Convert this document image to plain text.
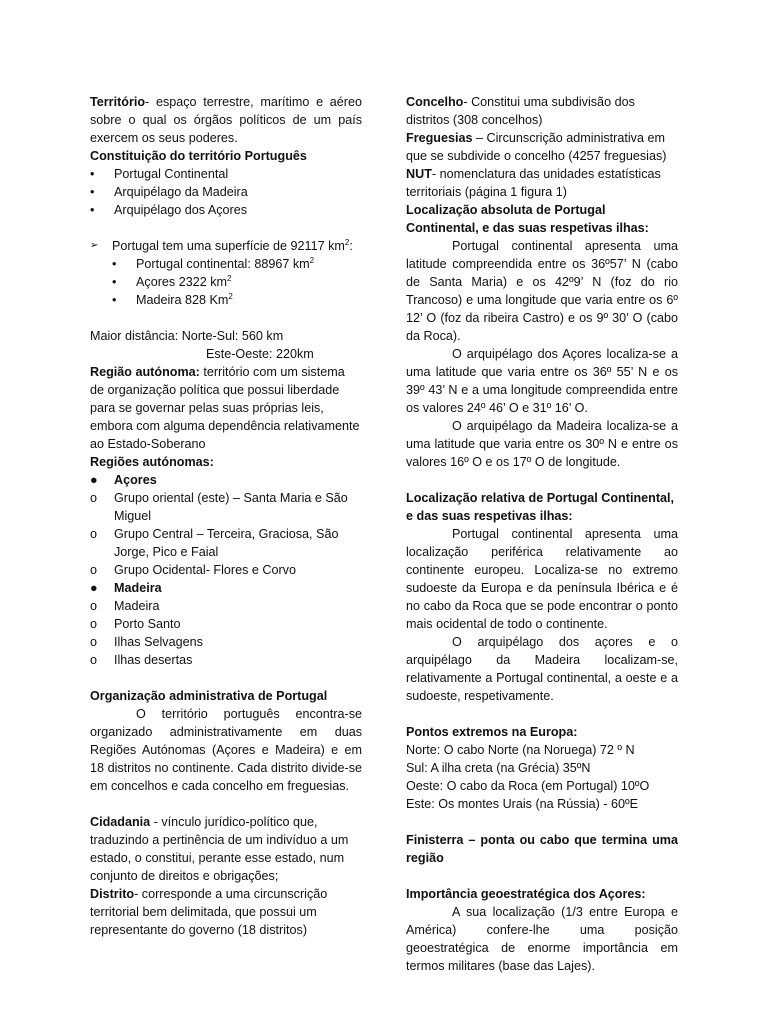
Território- espaço terrestre, marítimo e aéreo sobre o qual os órgãos políticos de um país exercem os seus poderes.

Constituição do território Português

•	Portugal Continental
•	Arquipélago da Madeira
•	Arquipélago dos Açores
➢	Portugal tem uma superfície de 92117 $km^2$:
•	Portugal continental: 88967 $km^2$
•	Açores 2322 $km^2$
•	Madeira 828 Km$^2$

Maior distância: Norte-Sul: 560 km

Este-Oeste: 220km

Região autónoma: território com um sistema de organização política que possui liberdade para se governar pelas suas próprias leis, embora com alguma dependência relativamente ao Estado-Soberano

Regiões autónomas:

●	Açores
o	Grupo oriental (este) – Santa Maria e São Miguel
o	Grupo Central – Terceira, Graciosa, São Jorge, Pico e Faial
o	Grupo Ocidental- Flores e Corvo
●	Madeira
o	Madeira
o	Porto Santo
o	Ilhas Selvagens
o	Ilhas desertas

Organização administrativa de Portugal

O território português encontra-se organizado administrativamente em duas Regiões Autónomas (Açores e Madeira) e em 18 distritos no continente. Cada distrito divide-se em concelhos e cada concelho em freguesias.

Cidadania - vínculo jurídico-político que, traduzindo a pertinência de um indivíduo a um estado, o constitui, perante esse estado, num conjunto de direitos e obrigações;

Distrito- corresponde a uma circunscrição territorial bem delimitada, que possui um representante do governo (18 distritos)

Concelho- Constitui uma subdivisão dos distritos (308 concelhos)

Freguesias – Circunscrição administrativa em que se subdivide o concelho (4257 freguesias)

NUT- nomenclatura das unidades estatísticas territoriais (página 1 figura 1)

Localização absoluta de Portugal Continental, e das suas respetivas ilhas:

Portugal continental apresenta uma latitude compreendida entre os 36º57’ N (cabo de Santa Maria) e os 42º9’ N (foz do rio Trancoso) e uma longitude que varia entre os 6º 12’ O (foz da ribeira Castro) e os 9º 30’ O (cabo da Roca).

O arquipélago dos Açores localiza-se a uma latitude que varia entre os 36º 55’ N e os 39º 43’ N e a uma longitude compreendida entre os valores 24º 46’ O e 31º 16’ O.

O arquipélago da Madeira localiza-se a uma latitude que varia entre os 30º N e entre os valores 16º O e os 17º O de longitude.

Localização relativa de Portugal Continental, e das suas respetivas ilhas:

Portugal continental apresenta uma localização periférica relativamente ao continente europeu. Localiza-se no extremo sudoeste da Europa e da península Ibérica e é no cabo da Roca que se pode encontrar o ponto mais ocidental de todo o continente.

O arquipélago dos açores e o arquipélago da Madeira localizam-se, relativamente a Portugal continental, a oeste e a sudoeste, respetivamente.

Pontos extremos na Europa:

Norte: O cabo Norte (na Noruega) 72 º N

Sul: A ilha creta (na Grécia) 35ºN

Oeste: O cabo da Roca (em Portugal) 10ºO

Este: Os montes Urais (na Rússia) - 60ºE

Finisterra – ponta ou cabo que termina uma região

Importância geoestratégica dos Açores:

A sua localização (1/3 entre Europa e América) confere-lhe uma posição geoestratégica de enorme importância em termos militares (base das Lajes).
